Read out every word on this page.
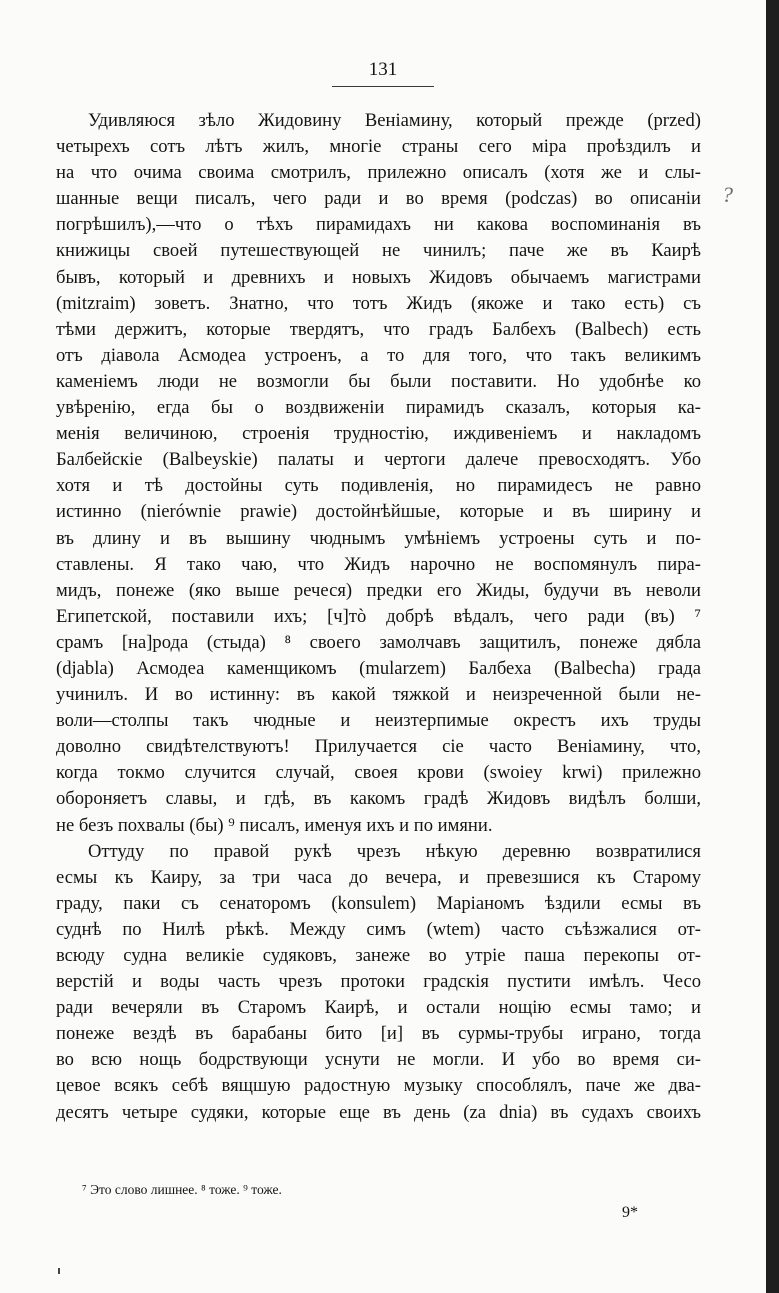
131
?
Удивляюся зѣло Жидовину Веніамину, который прежде (przed)
четырехъ сотъ лѣтъ жилъ, многіе страны сего міра проѣздилъ и
на что очима своима смотрилъ, прилежно описалъ (хотя же и слы-
шанные вещи писалъ, чего ради и во время (podczas) во описаніи
погрѣшилъ),—что о тѣхъ пирамидахъ ни какова воспоминанія въ
книжицы своей путешествующей не чинилъ; паче же въ Каирѣ
бывъ, который и древнихъ и новыхъ Жидовъ обычаемъ магистрами
(mitzraim) зоветъ. Знатно, что тотъ Жидъ (якоже и тако есть) съ
тѣми держитъ, которые твердятъ, что градъ Балбехъ (Balbech) есть
отъ діавола Асмодеа устроенъ, а то для того, что такъ великимъ
каменіемъ люди не возмогли бы были поставити. Но удобнѣе ко
увѣренію, егда бы о воздвиженіи пирамидъ сказалъ, которыя ка-
менія величиною, строенія трудностію, иждивеніемъ и накладомъ
Балбейскіе (Balbeyskie) палаты и чертоги далече превосходятъ. Убо
хотя и тѣ достойны суть подивленія, но пирамидесъ не равно
истинно (nierównie prawie) достойнѣйшые, которые и въ ширину и
въ длину и въ вышину чюднымъ умѣніемъ устроены суть и по-
ставлены. Я тако чаю, что Жидъ нарочно не воспомянулъ пира-
мидъ, понеже (яко выше речеся) предки его Жиды, будучи въ неволи
Египетской, поставили ихъ; [ч]тò добрѣ вѣдалъ, чего ради (въ) ⁷
срамъ [на]рода (стыда) ⁸ своего замолчавъ защитилъ, понеже дябла
(djabla) Асмодеа каменщикомъ (mularzem) Балбеха (Balbecha) града
учинилъ. И во истинну: въ какой тяжкой и неизреченной были не-
воли—столпы такъ чюдные и неизтерпимые окрестъ ихъ труды
доволно свидѣтелствуютъ! Прилучается сіе часто Веніамину, что,
когда токмо случится случай, своея крови (swoiey krwi) прилежно
обороняетъ славы, и гдѣ, въ какомъ градѣ Жидовъ видѣлъ болши,
не безъ похвалы (бы) ⁹ писалъ, именуя ихъ и по имяни.
Оттуду по правой рукѣ чрезъ нѣкую деревню возвратилися
есмы къ Каиру, за три часа до вечера, и превезшися къ Старому
граду, паки съ сенаторомъ (konsulem) Маріаномъ ѣздили есмы въ
суднѣ по Нилѣ рѣкѣ. Между симъ (wtem) часто съѣзжалися от-
всюду судна великіе судяковъ, занеже во утріе паша перекопы от-
верстій и воды часть чрезъ протоки градскія пустити имѣлъ. Чесо
ради вечеряли въ Старомъ Каирѣ, и остали нощію есмы тамо; и
понеже вездѣ въ барабаны бито [и] въ сурмы-трубы играно, тогда
во всю нощь бодрствующи уснути не могли. И убо во время си-
цевое всякъ себѣ вящшую радостную музыку способлялъ, паче же два-
десятъ четыре судяки, которые еще въ день (za dnia) въ судахъ своихъ
⁷ Это слово лишнее. ⁸ тоже. ⁹ тоже.
9*
